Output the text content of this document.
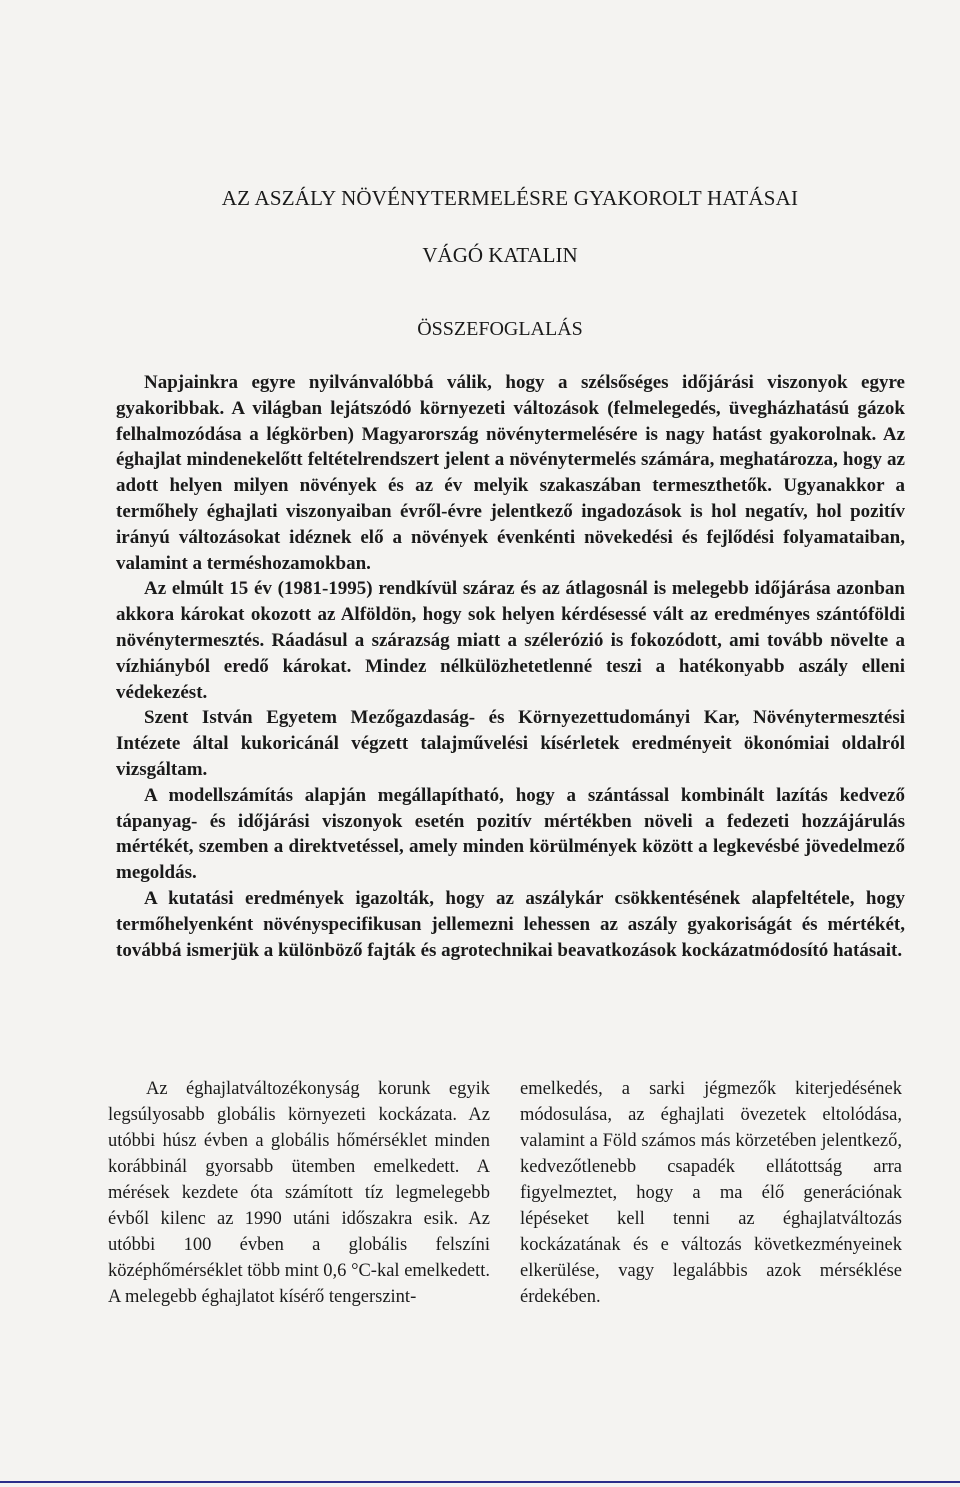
AZ ASZÁLY NÖVÉNYTERMELÉSRE GYAKOROLT HATÁSAI
VÁGÓ KATALIN
ÖSSZEFOGLALÁS

Napjainkra egyre nyilvánvalóbbá válik, hogy a szélsőséges időjárási viszonyok egyre gyakoribbak. A világban lejátszódó környezeti változások (felmelegedés, üvegházhatású gázok felhalmozódása a légkörben) Magyarország növénytermelésére is nagy hatást gyakorolnak. Az éghajlat mindenekelőtt feltételrendszert jelent a növénytermelés számára, meghatározza, hogy az adott helyen milyen növények és az év melyik szakaszában termeszthetők. Ugyanakkor a termőhely éghajlati viszonyaiban évről-évre jelentkező ingadozások is hol negatív, hol pozitív irányú változásokat idéznek elő a növények évenkénti növekedési és fejlődési folyamataiban, valamint a terméshozamokban.

Az elmúlt 15 év (1981-1995) rendkívül száraz és az átlagosnál is melegebb időjárása azonban akkora károkat okozott az Alföldön, hogy sok helyen kérdésessé vált az eredményes szántóföldi növénytermesztés. Ráadásul a szárazság miatt a szélerózió is fokozódott, ami tovább növelte a vízhiányból eredő károkat. Mindez nélkülözhetetlenné teszi a hatékonyabb aszály elleni védekezést.

Szent István Egyetem Mezőgazdaság- és Környezettudományi Kar, Növénytermesztési Intézete által kukoricánál végzett talajművelési kísérletek eredményeit ökonómiai oldalról vizsgáltam.

A modellszámítás alapján megállapítható, hogy a szántással kombinált lazítás kedvező tápanyag- és időjárási viszonyok esetén pozitív mértékben növeli a fedezeti hozzájárulás mértékét, szemben a direktvetéssel, amely minden körülmények között a legkevésbé jövedelmező megoldás.

A kutatási eredmények igazolták, hogy az aszálykár csökkentésének alapfeltétele, hogy termőhelyenként növényspecifikusan jellemezni lehessen az aszály gyakoriságát és mértékét, továbbá ismerjük a különböző fajták és agrotechnikai beavatkozások kockázatmódosító hatásait.

Az éghajlatváltozékonyság korunk egyik legsúlyosabb globális környezeti kockázata. Az utóbbi húsz évben a globális hőmérséklet minden korábbinál gyorsabb ütemben emelkedett. A mérések kezdete óta számított tíz legmelegebb évből kilenc az 1990 utáni időszakra esik. Az utóbbi 100 évben a globális felszíni középhőmérséklet több mint 0,6 °C-kal emelkedett. A melegebb éghajlatot kísérő tengerszint-

emelkedés, a sarki jégmezők kiterjedésének módosulása, az éghajlati övezetek eltolódása, valamint a Föld számos más körzetében jelentkező, kedvezőtlenebb csapadék ellátottság arra figyelmeztet, hogy a ma élő generációnak lépéseket kell tenni az éghajlatváltozás kockázatának és e változás következményeinek elkerülése, vagy legalábbis azok mérséklése érdekében.
